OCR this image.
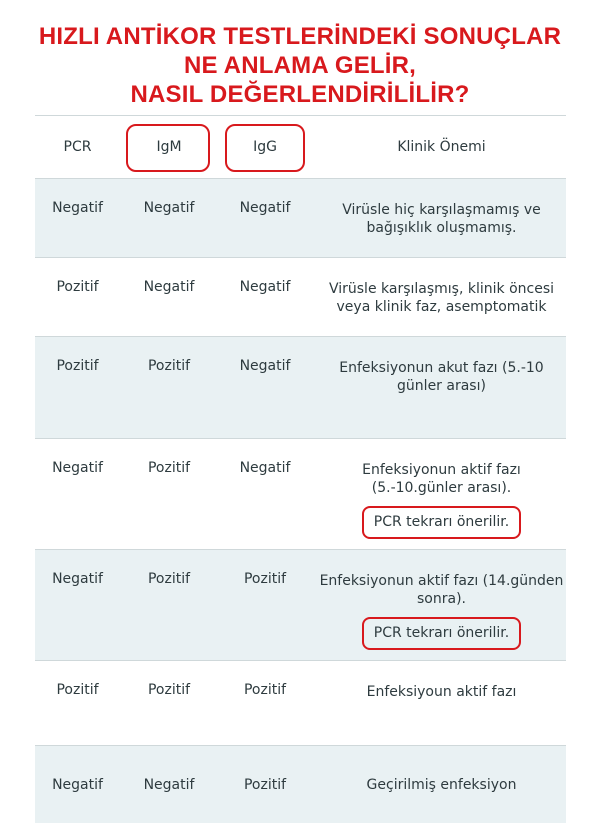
HIZLI ANTİKOR TESTLERİNDEKİ SONUÇLAR
NE ANLAMA GELİR,
NASIL DEĞERLENDİRİLİLİR?
PCR	IgM	IgG	Klinik Önemi
Negatif	Negatif	Negatif	Virüsle hiç karşılaşmamış ve bağışıklık oluşmamış.
Pozitif	Negatif	Negatif	Virüsle karşılaşmış, klinik öncesi veya klinik faz, asemptomatik
Pozitif	Pozitif	Negatif	Enfeksiyonun akut fazı (5.-10 günler arası)
Negatif	Pozitif	Negatif	Enfeksiyonun aktif fazı (5.-10.günler arası).
PCR tekrarı önerilir.
Negatif	Pozitif	Pozitif	Enfeksiyonun aktif fazı (14.günden sonra).
PCR tekrarı önerilir.
Pozitif	Pozitif	Pozitif	Enfeksiyoun aktif fazı
Negatif	Negatif	Pozitif	Geçirilmiş enfeksiyon
